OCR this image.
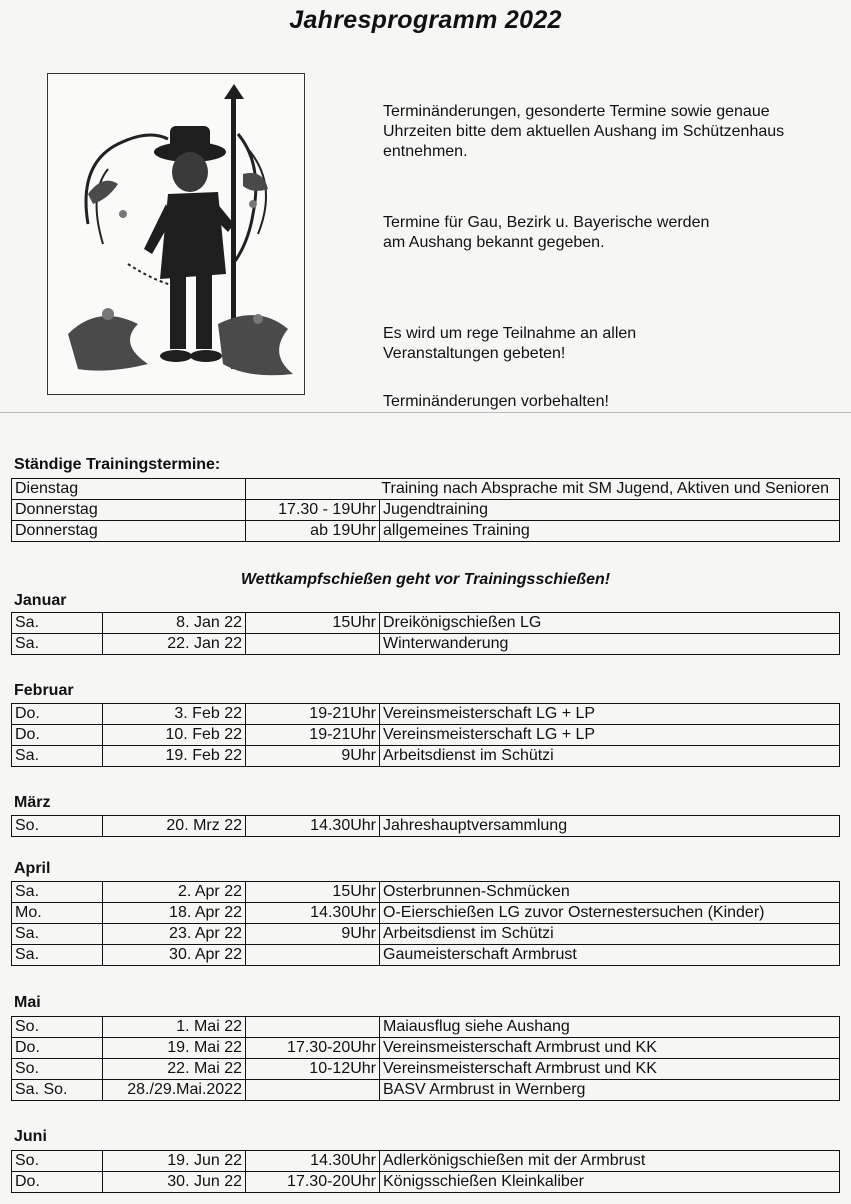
Jahresprogramm 2022

Terminänderungen, gesonderte Termine sowie genaue Uhrzeiten bitte dem aktuellen Aushang im Schützenhaus entnehmen.

Termine für Gau, Bezirk u. Bayerische werden am Aushang bekannt gegeben.

Es wird um rege Teilnahme an allen Veranstaltungen gebeten!

Terminänderungen vorbehalten!

Ständige Trainingstermine:
Dienstag	Training nach Absprache mit SM Jugend, Aktiven und Senioren	
Donnerstag	17.30 - 19Uhr	Jugendtraining
Donnerstag	ab 19Uhr	allgemeines Training
Wettkampfschießen geht vor Trainingsschießen!
Januar
Sa.	8. Jan 22	15Uhr	Dreikönigschießen LG
Sa.	22. Jan 22		Winterwanderung
Februar
Do.	3. Feb 22	19-21Uhr	Vereinsmeisterschaft LG + LP
Do.	10. Feb 22	19-21Uhr	Vereinsmeisterschaft LG + LP
Sa.	19. Feb 22	9Uhr	Arbeitsdienst im Schützi
März
So.	20. Mrz 22	14.30Uhr	Jahreshauptversammlung
April
Sa.	2. Apr 22	15Uhr	Osterbrunnen-Schmücken
Mo.	18. Apr 22	14.30Uhr	O-Eierschießen LG zuvor Osternestersuchen (Kinder)
Sa.	23. Apr 22	9Uhr	Arbeitsdienst im Schützi
Sa.	30. Apr 22		Gaumeisterschaft Armbrust
Mai
So.	1. Mai 22		Maiausflug siehe Aushang
Do.	19. Mai 22	17.30-20Uhr	Vereinsmeisterschaft Armbrust und KK
So.	22. Mai 22	10-12Uhr	Vereinsmeisterschaft Armbrust und KK
Sa. So.	28./29.Mai.2022		BASV Armbrust in Wernberg
Juni
So.	19. Jun 22	14.30Uhr	Adlerkönigschießen mit der Armbrust
Do.	30. Jun 22	17.30-20Uhr	Königsschießen Kleinkaliber
